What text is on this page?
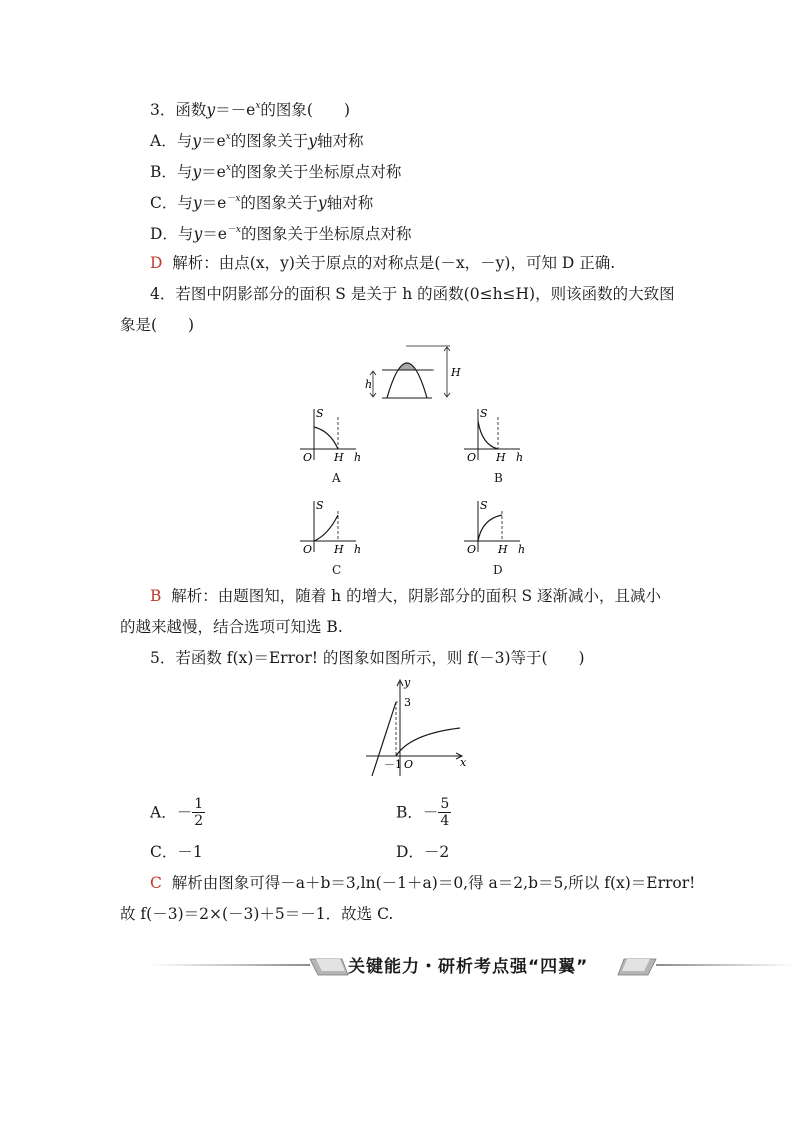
3．函数$y=-e^x$的图象(　　)
A．与$y=e^x$的图象关于y轴对称
B．与$y=e^x$的图象关于坐标原点对称
C．与$y=e^{-x}$的图象关于y轴对称
D．与$y=e^{-x}$的图象关于坐标原点对称
D 解析：由点(x，y)关于原点的对称点是(－x，－y)，可知 D 正确.
4．若图中阴影部分的面积 S 是关于 h 的函数(0≤h≤H)，则该函数的大致图
象是(　　)
h
H
S
O H h
A
S
O H h
B
S
O H h
C
S
O H h
D
B 解析：由题图知，随着 h 的增大，阴影部分的面积 S 逐渐减小，且减小
的越来越慢，结合选项可知选 B.
5．若函数 f(x)＝Error! 的图象如图所示，则 f(－3)等于(　　)
y
x
3
－1 O
A．－ $\frac{1}{2}$	B．－ $\frac{5}{4}$
C．－1	D．－2
C 解析由图象可得－a＋b＝3,ln(－1＋a)＝0,得 a＝2,b＝5,所以 f(x)＝Error!
故 f(－3)＝2×(－3)＋5＝－1．故选 C.
关键能力・研析考点强“四翼”
